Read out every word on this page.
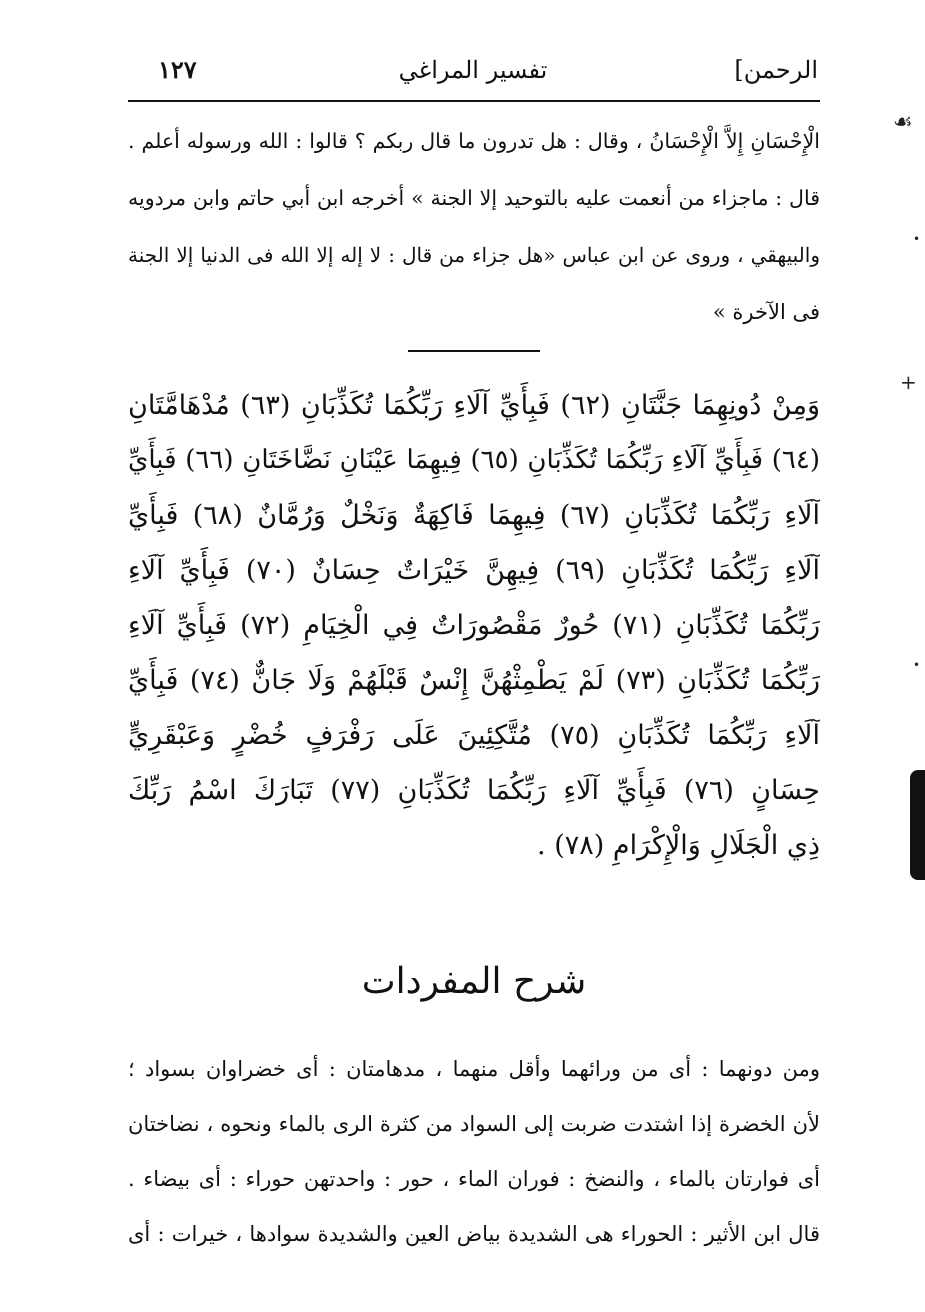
١٢٧	تفسير المراغي	الرحمن]
الْإِحْسَانِ إِلاَّ الْإِحْسَانُ ، وقال : هل تدرون ما قال ربكم ؟ قالوا : الله ورسوله أعلم .
قال : ماجزاء من أنعمت عليه بالتوحيد إلا الجنة » أخرجه ابن أبي حاتم وابن مردويه
والبيهقي ، وروى عن ابن عباس «هل جزاء من قال : لا إله إلا الله فى الدنيا إلا الجنة
فى الآخرة »
وَمِنْ دُونِهِمَا جَنَّتَانِ (٦٢) فَبِأَيِّ آلَاءِ رَبِّكُمَا تُكَذِّبَانِ (٦٣) مُدْهَامَّتَانِ
(٦٤) فَبِأَيِّ آلَاءِ رَبِّكُمَا تُكَذِّبَانِ (٦٥) فِيهِمَا عَيْنَانِ نَضَّاخَتَانِ (٦٦) فَبِأَيِّ
آلَاءِ رَبِّكُمَا تُكَذِّبَانِ (٦٧) فِيهِمَا فَاكِهَةٌ وَنَخْلٌ وَرُمَّانٌ (٦٨) فَبِأَيِّ
آلَاءِ رَبِّكُمَا تُكَذِّبَانِ (٦٩) فِيهِنَّ خَيْرَاتٌ حِسَانٌ (٧٠) فَبِأَيِّ آلَاءِ
رَبِّكُمَا تُكَذِّبَانِ (٧١) حُورٌ مَقْصُورَاتٌ فِي الْخِيَامِ (٧٢) فَبِأَيِّ آلَاءِ
رَبِّكُمَا تُكَذِّبَانِ (٧٣) لَمْ يَطْمِثْهُنَّ إِنْسٌ قَبْلَهُمْ وَلَا جَانٌّ (٧٤) فَبِأَيِّ
آلَاءِ رَبِّكُمَا تُكَذِّبَانِ (٧٥) مُتَّكِئِينَ عَلَى رَفْرَفٍ خُضْرٍ وَعَبْقَرِيٍّ
حِسَانٍ (٧٦) فَبِأَيِّ آلَاءِ رَبِّكُمَا تُكَذِّبَانِ (٧٧) تَبَارَكَ اسْمُ رَبِّكَ
ذِي الْجَلَالِ وَالْإِكْرَامِ (٧٨) .
شرح المفردات
ومن دونهما : أى من ورائهما وأقل منهما ، مدهامتان : أى خضراوان بسواد ؛
لأن الخضرة إذا اشتدت ضربت إلى السواد من كثرة الرى بالماء ونحوه ، نضاختان
أى فوارتان بالماء ، والنضخ : فوران الماء ، حور : واحدتهن حوراء : أى بيضاء .
قال ابن الأثير : الحوراء هى الشديدة بياض العين والشديدة سوادها ، خيرات : أى
☙
•
+
•
